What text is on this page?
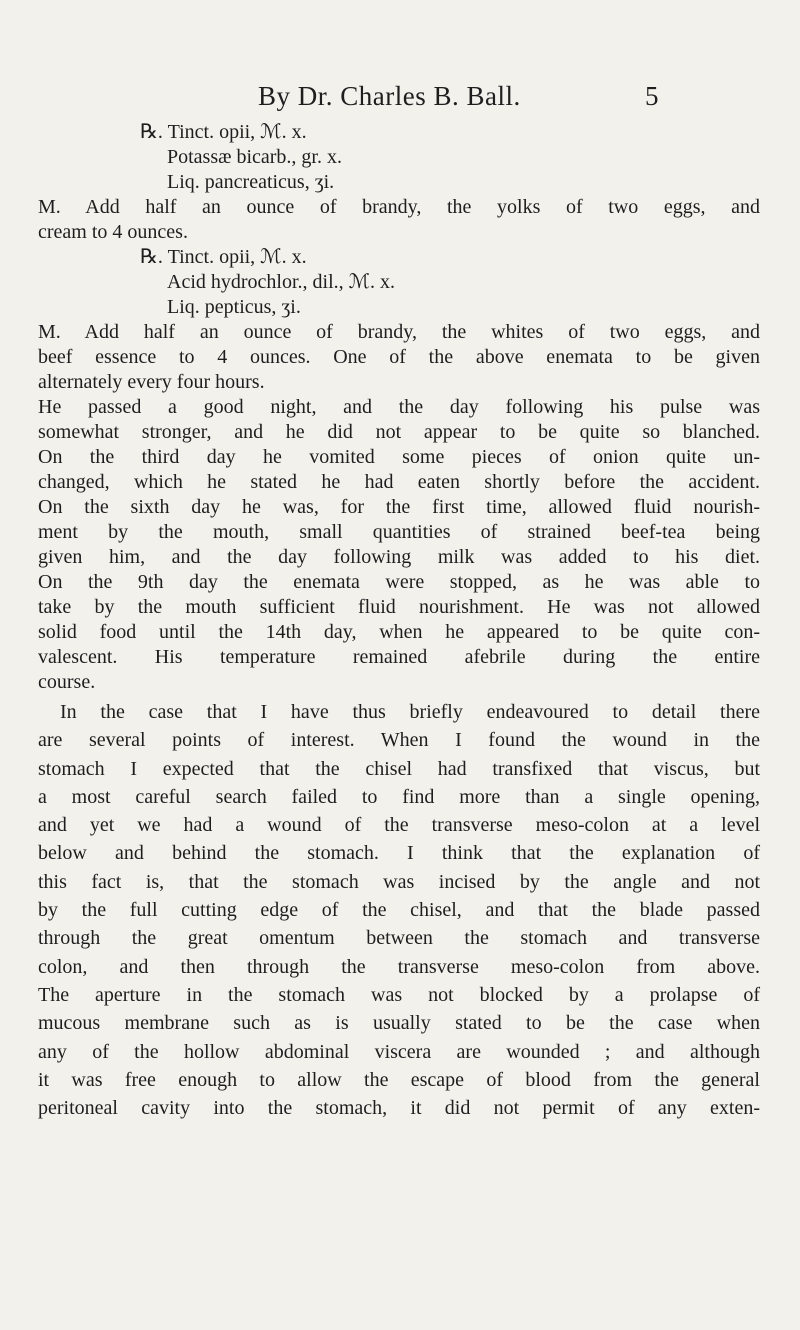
By Dr. Charles B. Ball.	5
℞. Tinct. opii, ℳ. x.
Potassæ bicarb., gr. x.
Liq. pancreaticus, ʒi.
M. Add half an ounce of brandy, the yolks of two eggs, and
cream to 4 ounces.
℞. Tinct. opii, ℳ. x.
Acid hydrochlor., dil., ℳ. x.
Liq. pepticus, ʒi.
M. Add half an ounce of brandy, the whites of two eggs, and
beef essence to 4 ounces. One of the above enemata to be given
alternately every four hours.
He passed a good night, and the day following his pulse was
somewhat stronger, and he did not appear to be quite so blanched.
On the third day he vomited some pieces of onion quite un-
changed, which he stated he had eaten shortly before the accident.
On the sixth day he was, for the first time, allowed fluid nourish-
ment by the mouth, small quantities of strained beef-tea being
given him, and the day following milk was added to his diet.
On the 9th day the enemata were stopped, as he was able to
take by the mouth sufficient fluid nourishment. He was not allowed
solid food until the 14th day, when he appeared to be quite con-
valescent. His temperature remained afebrile during the entire
course.
In the case that I have thus briefly endeavoured to detail there
are several points of interest. When I found the wound in the
stomach I expected that the chisel had transfixed that viscus, but
a most careful search failed to find more than a single opening,
and yet we had a wound of the transverse meso-colon at a level
below and behind the stomach. I think that the explanation of
this fact is, that the stomach was incised by the angle and not
by the full cutting edge of the chisel, and that the blade passed
through the great omentum between the stomach and transverse
colon, and then through the transverse meso-colon from above.
The aperture in the stomach was not blocked by a prolapse of
mucous membrane such as is usually stated to be the case when
any of the hollow abdominal viscera are wounded ; and although
it was free enough to allow the escape of blood from the general
peritoneal cavity into the stomach, it did not permit of any exten-
